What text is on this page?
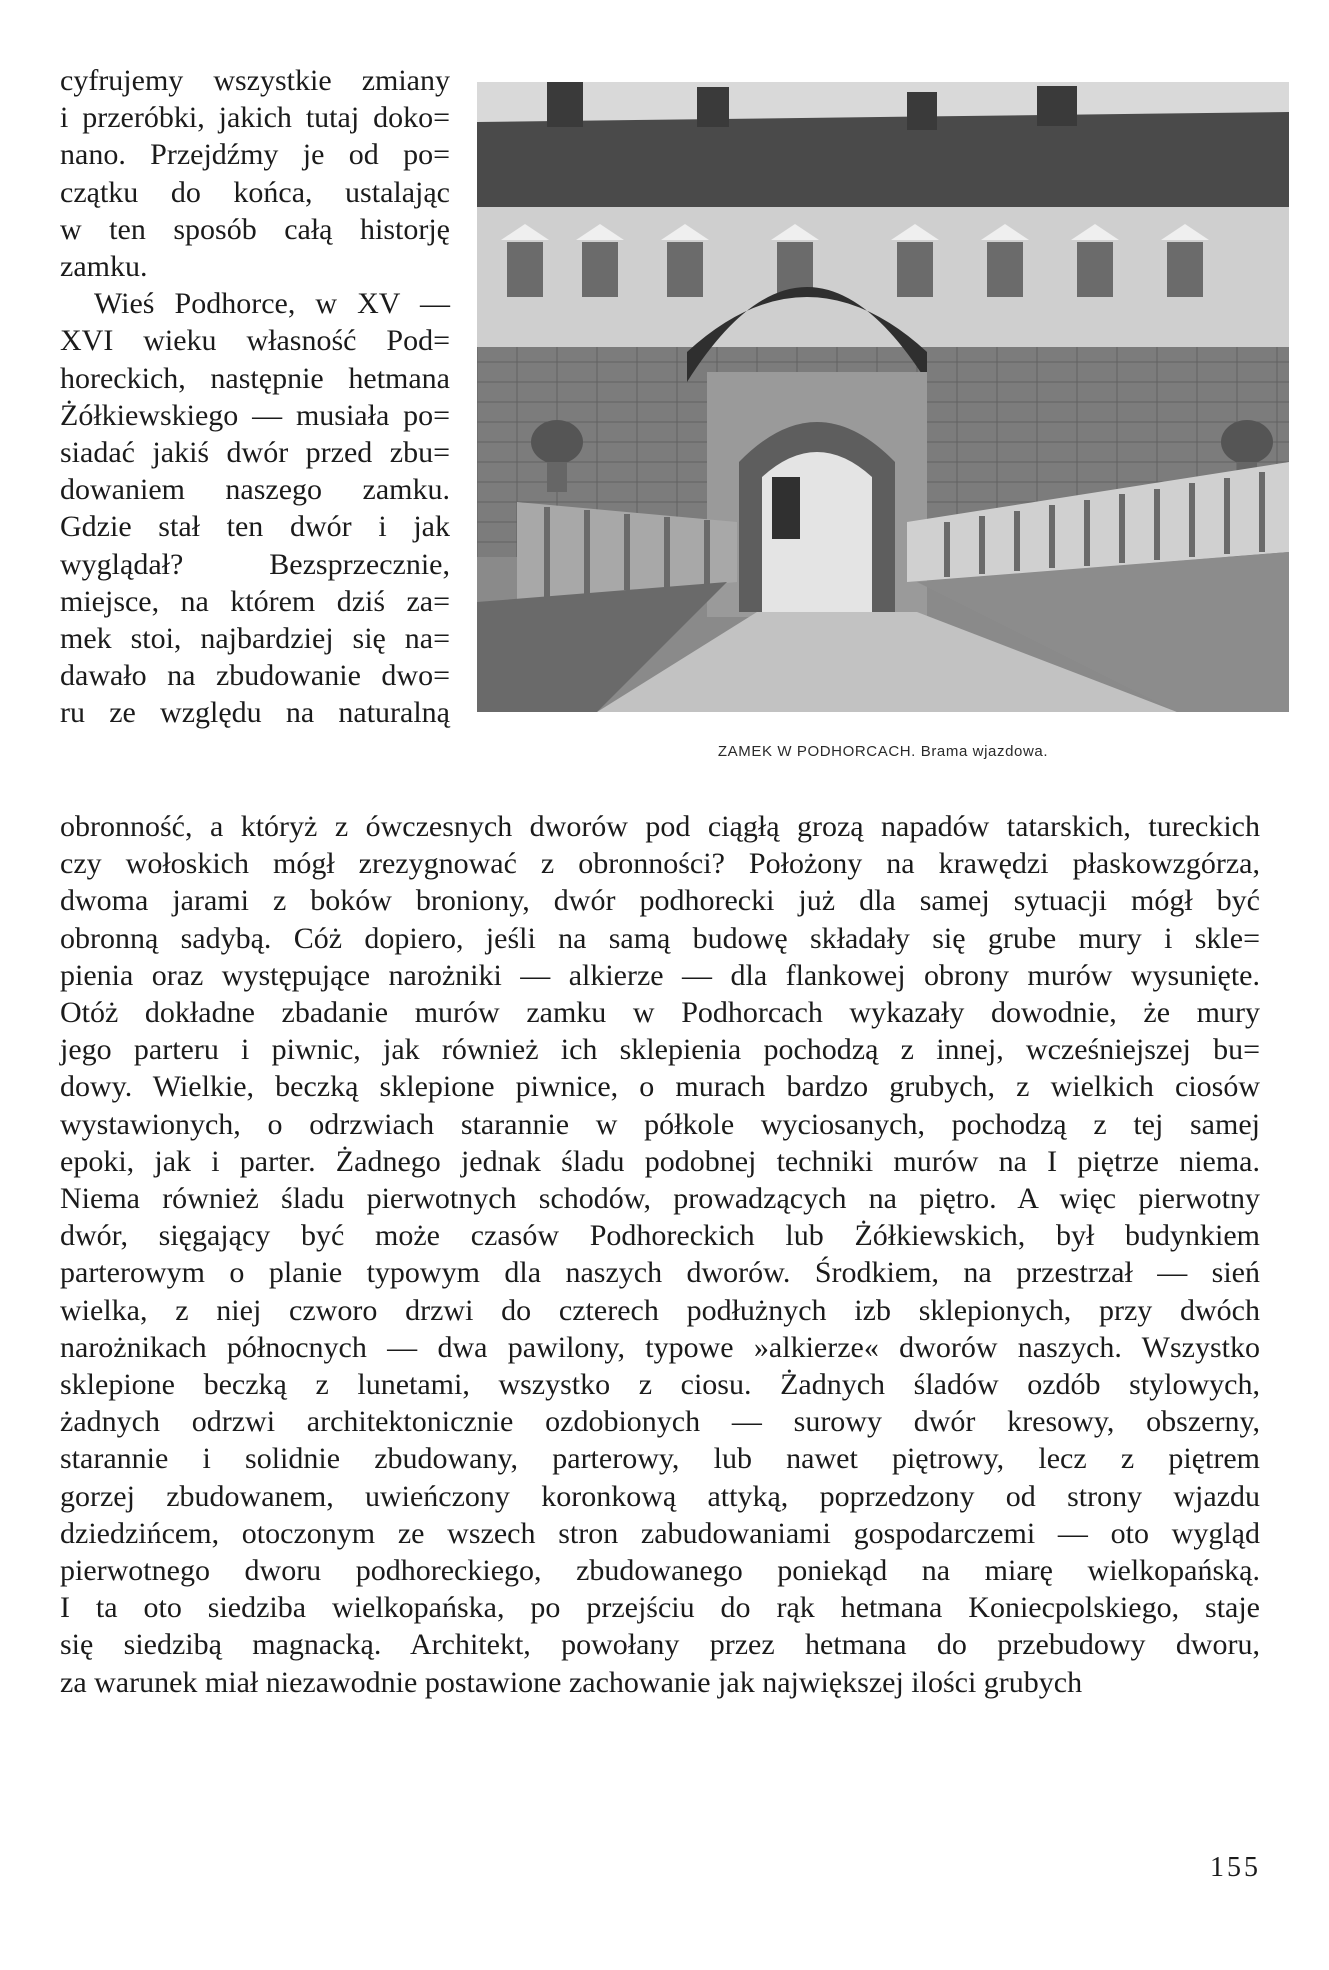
cyfrujemy wszystkie zmiany
i przeróbki, jakich tutaj doko=
nano. Przejdźmy je od po=
czątku do końca, ustalając
w ten sposób całą historję
zamku.
Wieś Podhorce, w XV —
XVI wieku własność Pod=
horeckich, następnie hetmana
Żółkiewskiego — musiała po=
siadać jakiś dwór przed zbu=
dowaniem naszego zamku.
Gdzie stał ten dwór i jak
wyglądał? Bezsprzecznie,
miejsce, na którem dziś za=
mek stoi, najbardziej się na=
dawało na zbudowanie dwo=
ru ze względu na naturalną
ZAMEK W PODHORCACH. Brama wjazdowa.
obronność, a któryż z ówczesnych dworów pod ciągłą grozą napadów tatarskich, tureckich
czy wołoskich mógł zrezygnować z obronności? Położony na krawędzi płaskowzgórza,
dwoma jarami z boków broniony, dwór podhorecki już dla samej sytuacji mógł być
obronną sadybą. Cóż dopiero, jeśli na samą budowę składały się grube mury i skle=
pienia oraz występujące narożniki — alkierze — dla flankowej obrony murów wysunięte.
Otóż dokładne zbadanie murów zamku w Podhorcach wykazały dowodnie, że mury
jego parteru i piwnic, jak również ich sklepienia pochodzą z innej, wcześniejszej bu=
dowy. Wielkie, beczką sklepione piwnice, o murach bardzo grubych, z wielkich ciosów
wystawionych, o odrzwiach starannie w półkole wyciosanych, pochodzą z tej samej
epoki, jak i parter. Żadnego jednak śladu podobnej techniki murów na I piętrze niema.
Niema również śladu pierwotnych schodów, prowadzących na piętro. A więc pierwotny
dwór, sięgający być może czasów Podhoreckich lub Żółkiewskich, był budynkiem
parterowym o planie typowym dla naszych dworów. Środkiem, na przestrzał — sień
wielka, z niej czworo drzwi do czterech podłużnych izb sklepionych, przy dwóch
narożnikach północnych — dwa pawilony, typowe »alkierze« dworów naszych. Wszystko
sklepione beczką z lunetami, wszystko z ciosu. Żadnych śladów ozdób stylowych,
żadnych odrzwi architektonicznie ozdobionych — surowy dwór kresowy, obszerny,
starannie i solidnie zbudowany, parterowy, lub nawet piętrowy, lecz z piętrem
gorzej zbudowanem, uwieńczony koronkową attyką, poprzedzony od strony wjazdu
dziedzińcem, otoczonym ze wszech stron zabudowaniami gospodarczemi — oto wygląd
pierwotnego dworu podhoreckiego, zbudowanego poniekąd na miarę wielkopańską.
I ta oto siedziba wielkopańska, po przejściu do rąk hetmana Koniecpolskiego, staje
się siedzibą magnacką. Architekt, powołany przez hetmana do przebudowy dworu,
za warunek miał niezawodnie postawione zachowanie jak największej ilości grubych
155
